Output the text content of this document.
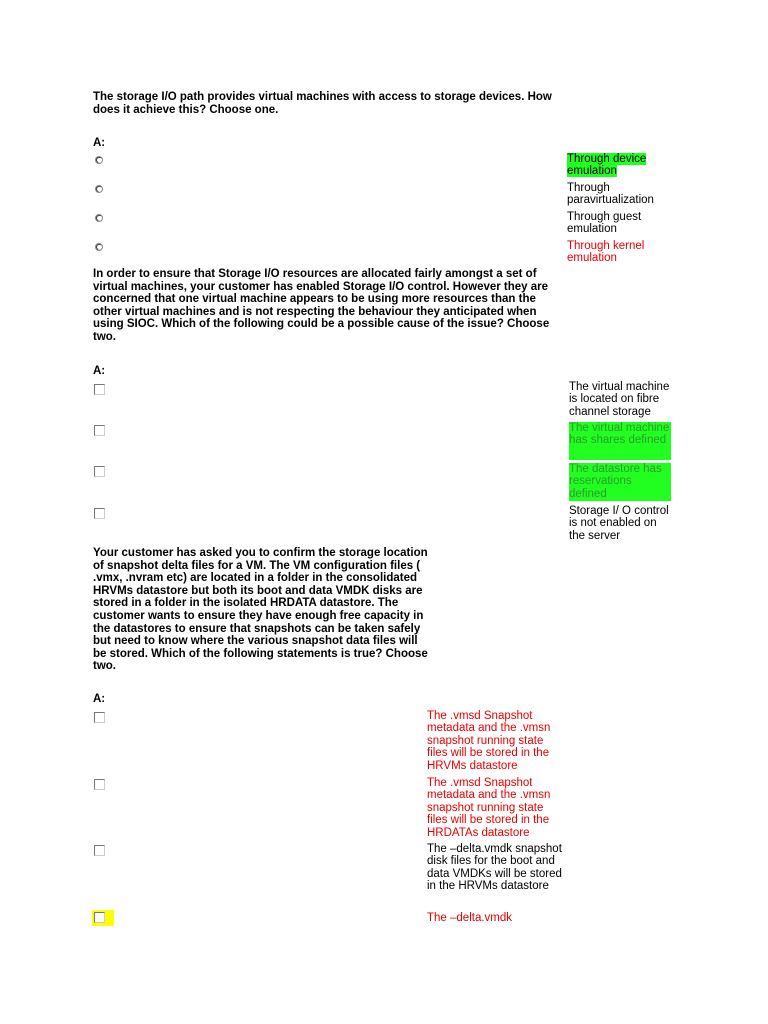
The storage I/O path provides virtual machines with access to storage devices. How does it achieve this? Choose one.
A:
Through device emulation
Through paravirtualization
Through guest emulation
Through kernel emulation
In order to ensure that Storage I/O resources are allocated fairly amongst a set of virtual machines, your customer has enabled Storage I/O control. However they are concerned that one virtual machine appears to be using more resources than the other virtual machines and is not respecting the behaviour they anticipated when using SIOC. Which of the following could be a possible cause of the issue? Choose two.
A:
The virtual machine is located on fibre channel storage
The virtual machine has shares defined
The datastore has reservations defined
Storage I/ O control is not enabled on the server
Your customer has asked you to confirm the storage location of snapshot delta files for a VM. The VM configuration files ( .vmx, .nvram etc) are located in a folder in the consolidated HRVMs datastore but both its boot and data VMDK disks are stored in a folder in the isolated HRDATA datastore. The customer wants to ensure they have enough free capacity in the datastores to ensure that snapshots can be taken safely but need to know where the various snapshot data files will be stored. Which of the following statements is true? Choose two.
A:
The .vmsd Snapshot metadata and the .vmsn snapshot running state files will be stored in the HRVMs datastore
The .vmsd Snapshot metadata and the .vmsn snapshot running state files will be stored in the HRDATAs datastore
The –delta.vmdk snapshot disk files for the boot and data VMDKs will be stored in the HRVMs datastore
The –delta.vmdk
